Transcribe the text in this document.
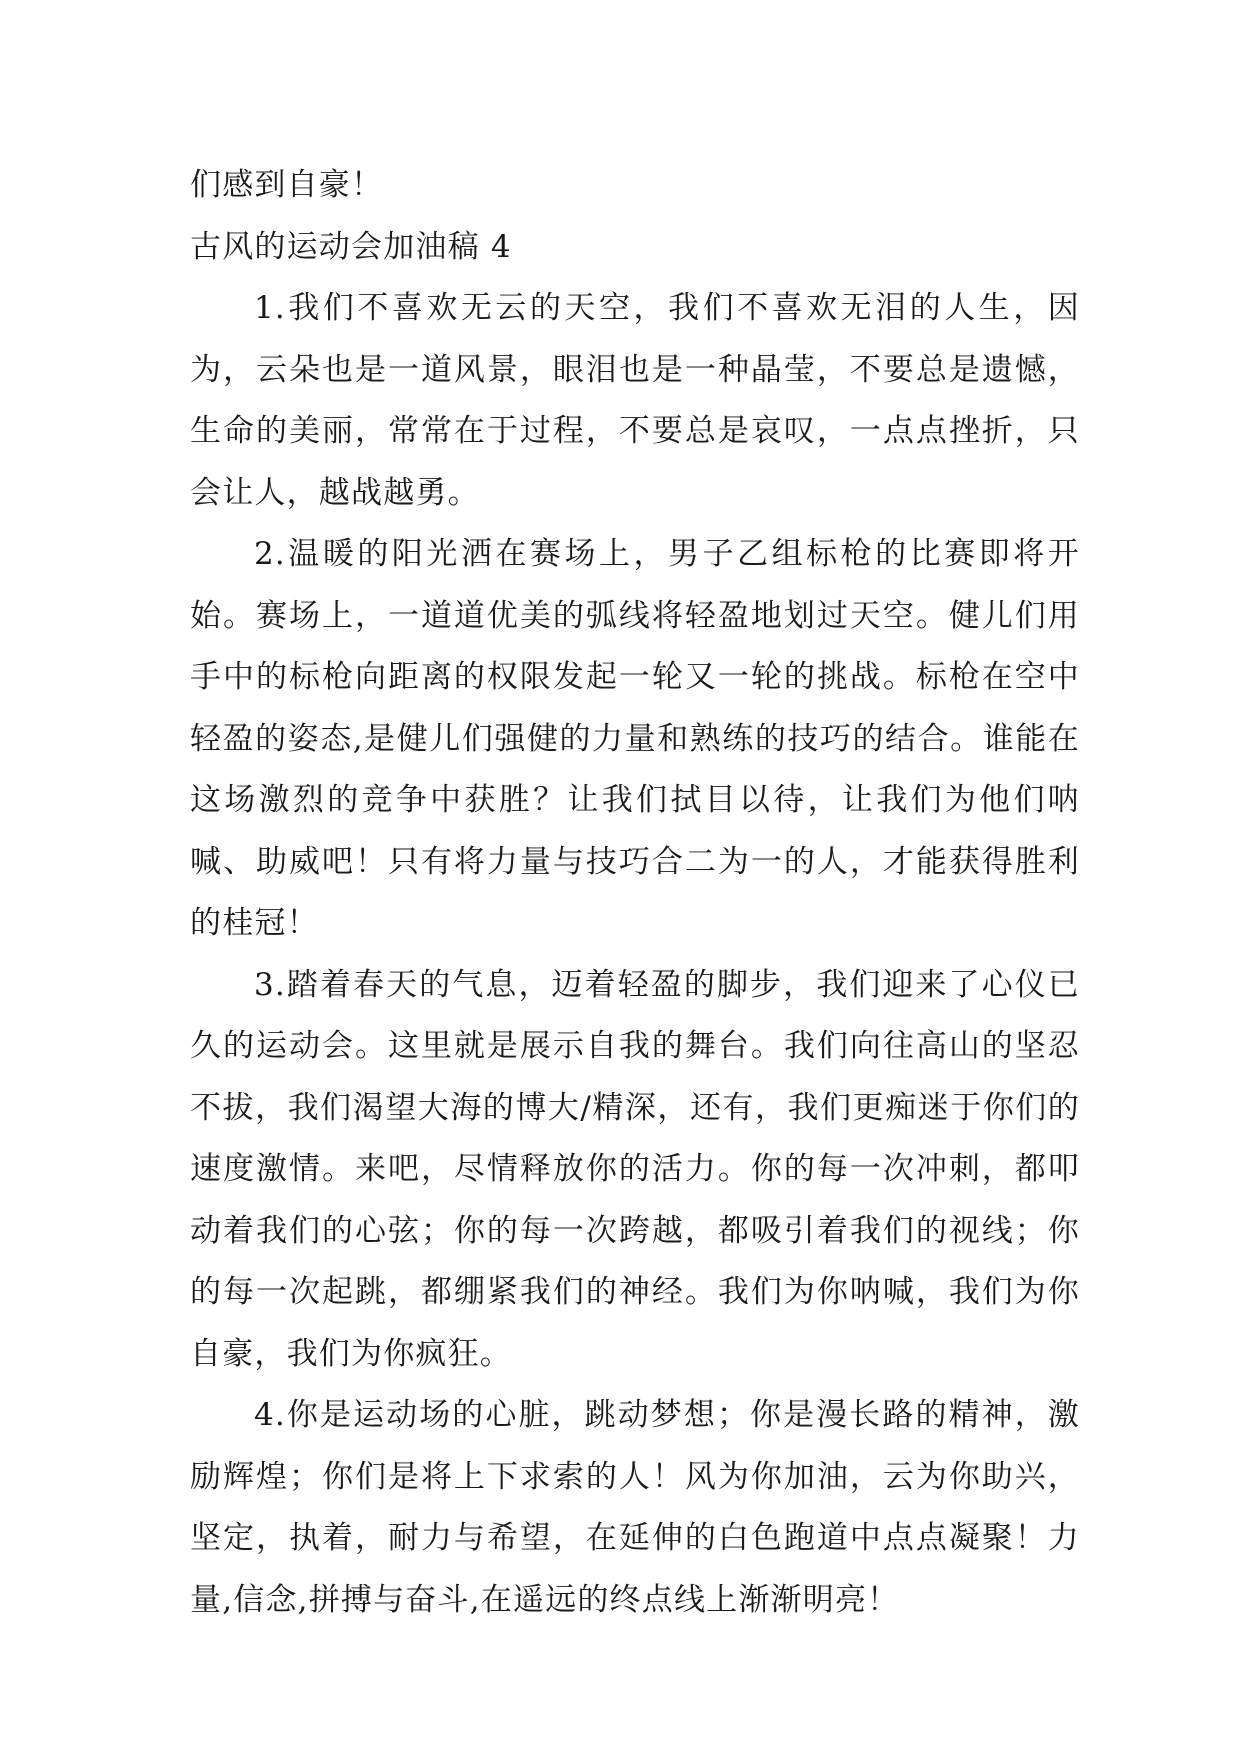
们感到自豪！

古风的运动会加油稿 4

1.我们不喜欢无云的天空，我们不喜欢无泪的人生，因为，云朵也是一道风景，眼泪也是一种晶莹，不要总是遗憾，生命的美丽，常常在于过程，不要总是哀叹，一点点挫折，只会让人，越战越勇。

2.温暖的阳光洒在赛场上，男子乙组标枪的比赛即将开始。赛场上，一道道优美的弧线将轻盈地划过天空。健儿们用手中的标枪向距离的权限发起一轮又一轮的挑战。标枪在空中轻盈的姿态,是健儿们强健的力量和熟练的技巧的结合。谁能在这场激烈的竞争中获胜？让我们拭目以待，让我们为他们呐喊、助威吧！只有将力量与技巧合二为一的人，才能获得胜利的桂冠！

3.踏着春天的气息，迈着轻盈的脚步，我们迎来了心仪已久的运动会。这里就是展示自我的舞台。我们向往高山的坚忍不拔，我们渴望大海的博大/精深，还有，我们更痴迷于你们的速度激情。来吧，尽情释放你的活力。你的每一次冲刺，都叩动着我们的心弦；你的每一次跨越，都吸引着我们的视线；你的每一次起跳，都绷紧我们的神经。我们为你呐喊，我们为你自豪，我们为你疯狂。

4.你是运动场的心脏，跳动梦想；你是漫长路的精神，激励辉煌；你们是将上下求索的人！风为你加油，云为你助兴，坚定，执着，耐力与希望，在延伸的白色跑道中点点凝聚！力量,信念,拼搏与奋斗,在遥远的终点线上渐渐明亮！
